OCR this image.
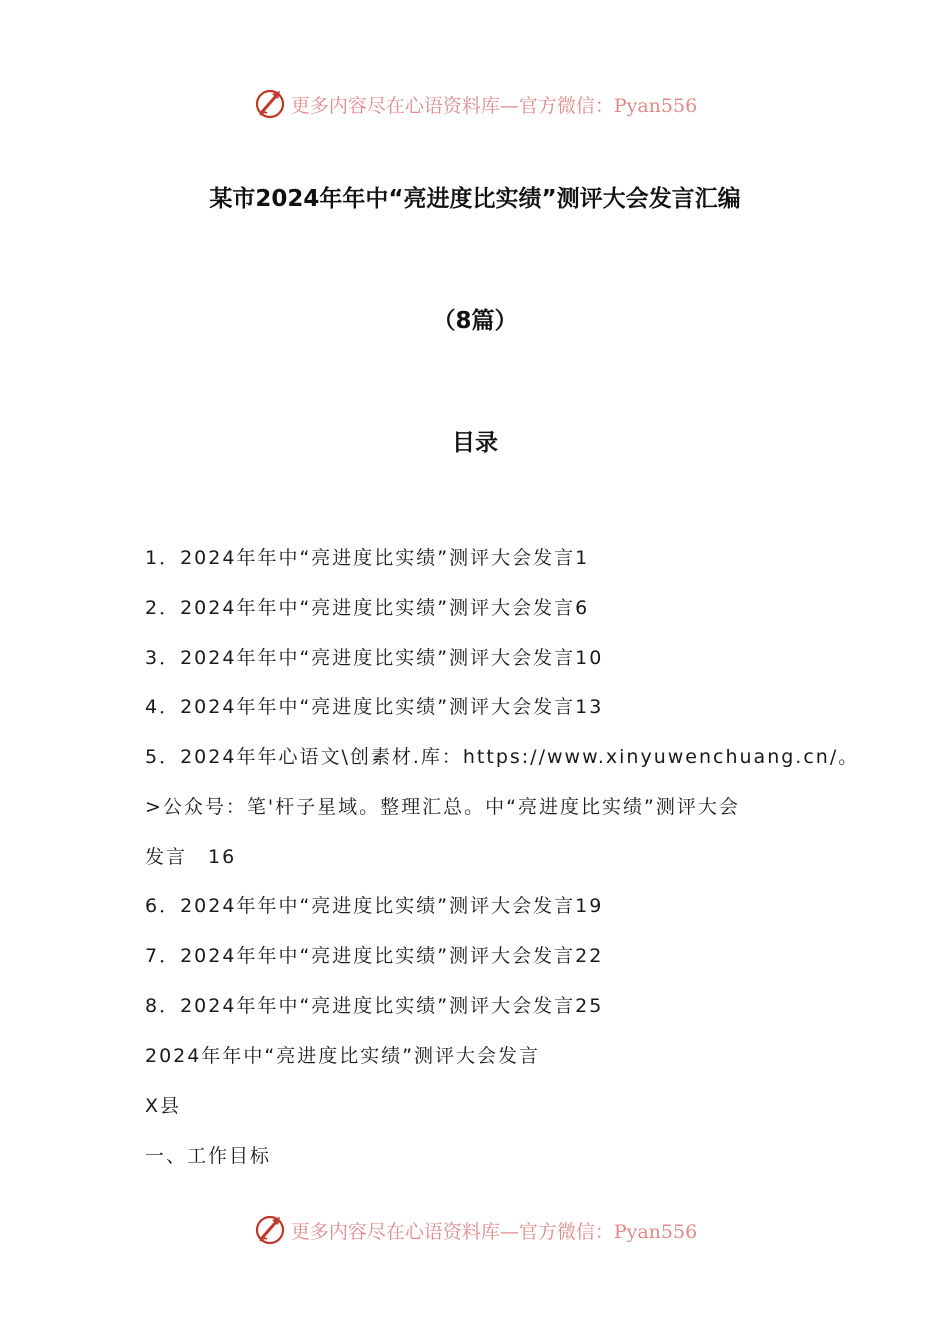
更多内容尽在心语资料库—官方微信：Pyan556
某市2024年年中“亮进度比实绩”测评大会发言汇编
（8篇）
目录
1．2024年年中“亮进度比实绩”测评大会发言1
2．2024年年中“亮进度比实绩”测评大会发言6
3．2024年年中“亮进度比实绩”测评大会发言10
4．2024年年中“亮进度比实绩”测评大会发言13
5．2024年年心语文\创素材.库：https://www.xinyuwenchuang.cn/。
>公众号：笔'杆子星域。整理汇总。中“亮进度比实绩”测评大会
发言　16
6．2024年年中“亮进度比实绩”测评大会发言19
7．2024年年中“亮进度比实绩”测评大会发言22
8．2024年年中“亮进度比实绩”测评大会发言25
2024年年中“亮进度比实绩”测评大会发言
X县
一、工作目标
更多内容尽在心语资料库—官方微信：Pyan556
